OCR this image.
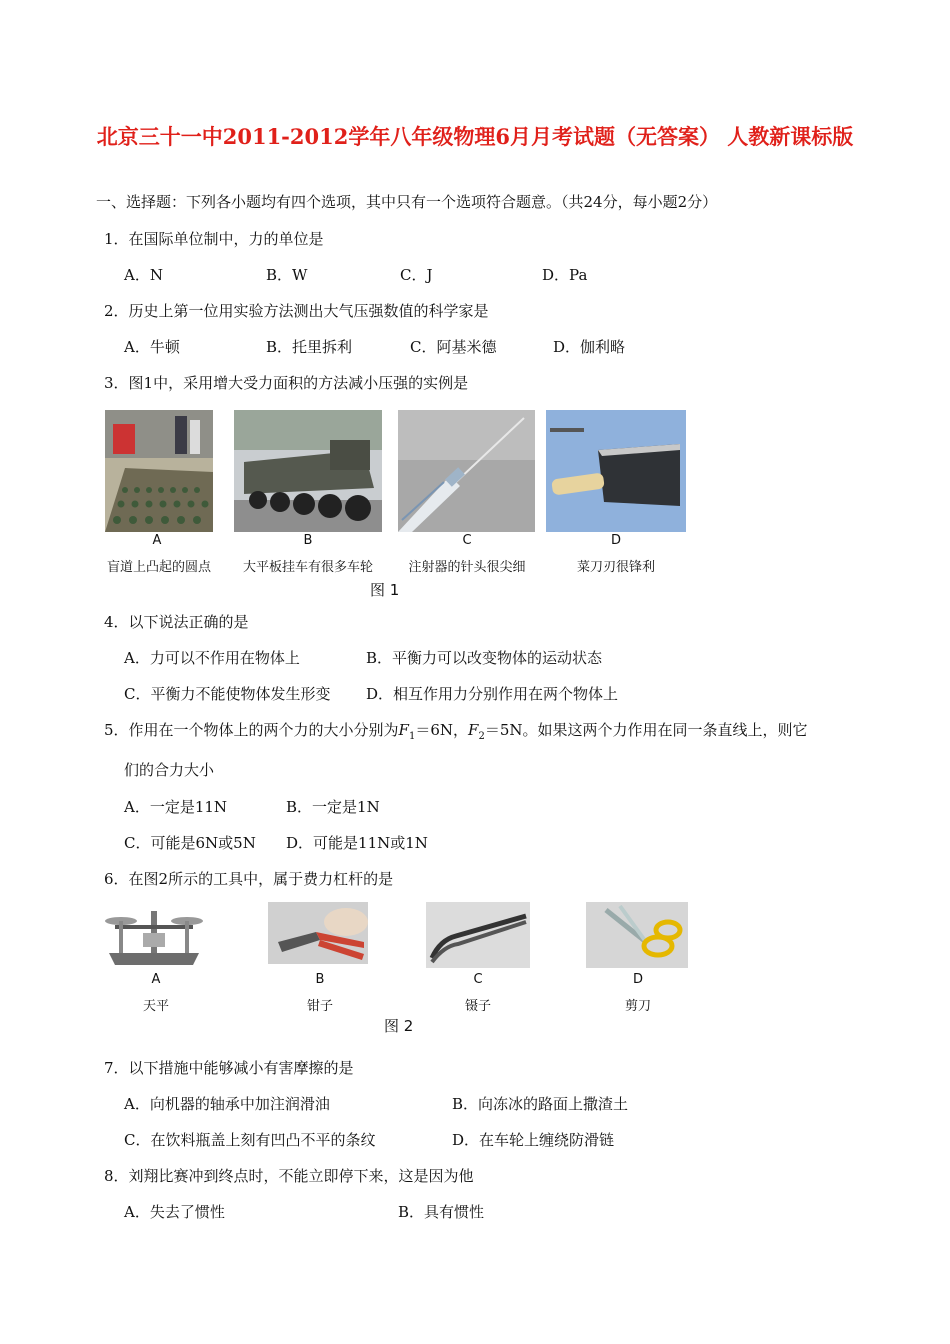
北京三十一中2011-2012学年八年级物理6月月考试题（无答案） 人教新课标版
一、选择题：下列各小题均有四个选项，其中只有一个选项符合题意。（共24分，每小题2分）
1．在国际单位制中，力的单位是
A．N	B．W	C．J	D．Pa
2．历史上第一位用实验方法测出大气压强数值的科学家是
A．牛顿	B．托里拆利	C．阿基米德	D．伽利略
3．图1中，采用增大受力面积的方法减小压强的实例是
A	B	C	D
盲道上凸起的圆点	大平板挂车有很多车轮	注射器的针头很尖细	菜刀刃很锋利
图 1
4．以下说法正确的是
A．力可以不作用在物体上	B．平衡力可以改变物体的运动状态
C．平衡力不能使物体发生形变 D．相互作用力分别作用在两个物体上
5．作用在一个物体上的两个力的大小分别为$F_1=6N$，$F_2=5N$。如果这两个力作用在同一条直线上，则它
们的合力大小
A．一定是11N	B．一定是1N
C．可能是6N或5N D．可能是11N或1N
6．在图2所示的工具中，属于费力杠杆的是
A	B	C	D
天平	钳子	镊子	剪刀
图 2
7．以下措施中能够减小有害摩擦的是
A．向机器的轴承中加注润滑油	B．向冻冰的路面上撒渣土
C．在饮料瓶盖上刻有凹凸不平的条纹	D．在车轮上缠绕防滑链
8．刘翔比赛冲到终点时，不能立即停下来，这是因为他
A．失去了惯性	B．具有惯性
